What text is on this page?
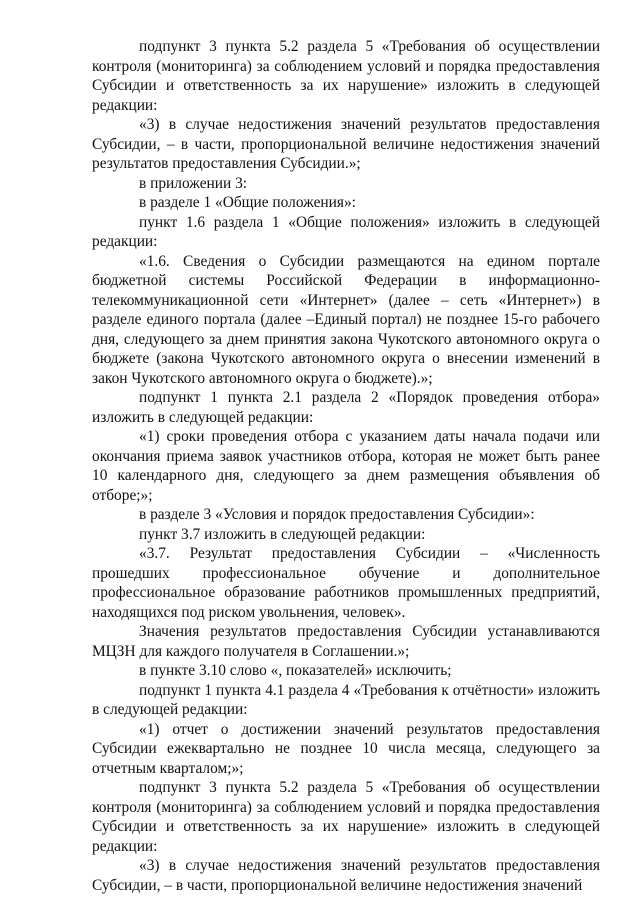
подпункт 3 пункта 5.2 раздела 5 «Требования об осуществлении контроля (мониторинга) за соблюдением условий и порядка предоставления Субсидии и ответственность за их нарушение» изложить в следующей редакции:

«3) в случае недостижения значений результатов предоставления Субсидии, – в части, пропорциональной величине недостижения значений результатов предоставления Субсидии.»;

в приложении 3:

в разделе 1 «Общие положения»:

пункт 1.6 раздела 1 «Общие положения» изложить в следующей редакции:

«1.6. Сведения о Субсидии размещаются на едином портале бюджетной системы Российской Федерации в информационно-телекоммуникационной сети «Интернет» (далее – сеть «Интернет») в разделе единого портала (далее –Единый портал) не позднее 15-го рабочего дня, следующего за днем принятия закона Чукотского автономного округа о бюджете (закона Чукотского автономного округа о внесении изменений в закон Чукотского автономного округа о бюджете).»;

подпункт 1 пункта 2.1 раздела 2 «Порядок проведения отбора» изложить в следующей редакции:

«1) сроки проведения отбора с указанием даты начала подачи или окончания приема заявок участников отбора, которая не может быть ранее 10 календарного дня, следующего за днем размещения объявления об отборе;»;

в разделе 3 «Условия и порядок предоставления Субсидии»:

пункт 3.7 изложить в следующей редакции:

«3.7. Результат предоставления Субсидии – «Численность прошедших профессиональное обучение и дополнительное профессиональное образование работников промышленных предприятий, находящихся под риском увольнения, человек».

Значения результатов предоставления Субсидии устанавливаются МЦЗН для каждого получателя в Соглашении.»;

в пункте 3.10 слово «, показателей» исключить;

подпункт 1 пункта 4.1 раздела 4 «Требования к отчётности» изложить в следующей редакции:

«1) отчет о достижении значений результатов предоставления Субсидии ежеквартально не позднее 10 числа месяца, следующего за отчетным кварталом;»;

подпункт 3 пункта 5.2 раздела 5 «Требования об осуществлении контроля (мониторинга) за соблюдением условий и порядка предоставления Субсидии и ответственность за их нарушение» изложить в следующей редакции:

«3) в случае недостижения значений результатов предоставления Субсидии, – в части, пропорциональной величине недостижения значений
